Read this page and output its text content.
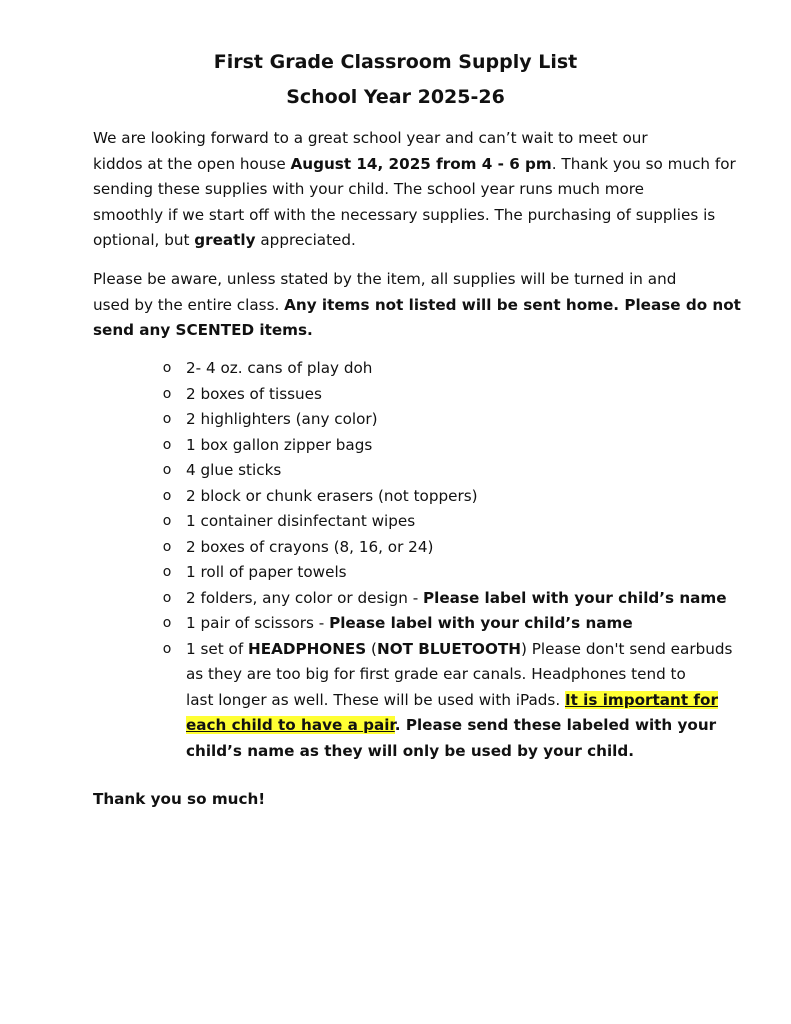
First Grade Classroom Supply List
School Year 2025-26
We are looking forward to a great school year and can’t wait to meet our
kiddos at the open house August 14, 2025 from 4 - 6 pm. Thank you so much for
sending these supplies with your child. The school year runs much more
smoothly if we start off with the necessary supplies. The purchasing of supplies is
optional, but greatly appreciated.
Please be aware, unless stated by the item, all supplies will be turned in and
used by the entire class. Any items not listed will be sent home. Please do not
send any SCENTED items.
o 2- 4 oz. cans of play doh
o 2 boxes of tissues
o 2 highlighters (any color)
o 1 box gallon zipper bags
o 4 glue sticks
o 2 block or chunk erasers (not toppers)
o 1 container disinfectant wipes
o 2 boxes of crayons (8, 16, or 24)
o 1 roll of paper towels
o 2 folders, any color or design - Please label with your child’s name
o 1 pair of scissors - Please label with your child’s name
o 1 set of HEADPHONES (NOT BLUETOOTH) Please don't send earbuds
as they are too big for first grade ear canals. Headphones tend to
last longer as well. These will be used with iPads. It is important for
each child to have a pair. Please send these labeled with your
child’s name as they will only be used by your child.
Thank you so much!
